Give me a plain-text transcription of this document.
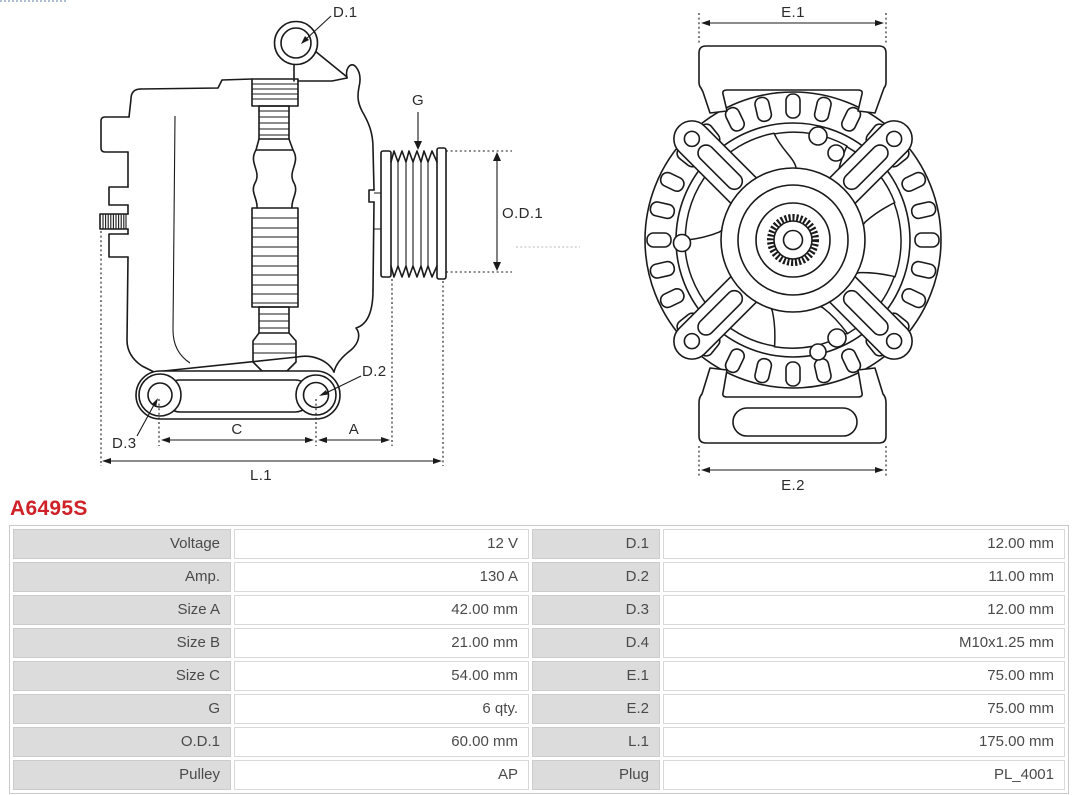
D.1
G
O.D.1
D.2
D.3
C	A
L.1
E.1
E.2
A6495S
Voltage	12 V	D.1	12.00 mm
Amp.	130 A	D.2	11.00 mm
Size A	42.00 mm	D.3	12.00 mm
Size B	21.00 mm	D.4	M10x1.25 mm
Size C	54.00 mm	E.1	75.00 mm
G	6 qty.	E.2	75.00 mm
O.D.1	60.00 mm	L.1	175.00 mm
Pulley	AP	Plug	PL_4001
